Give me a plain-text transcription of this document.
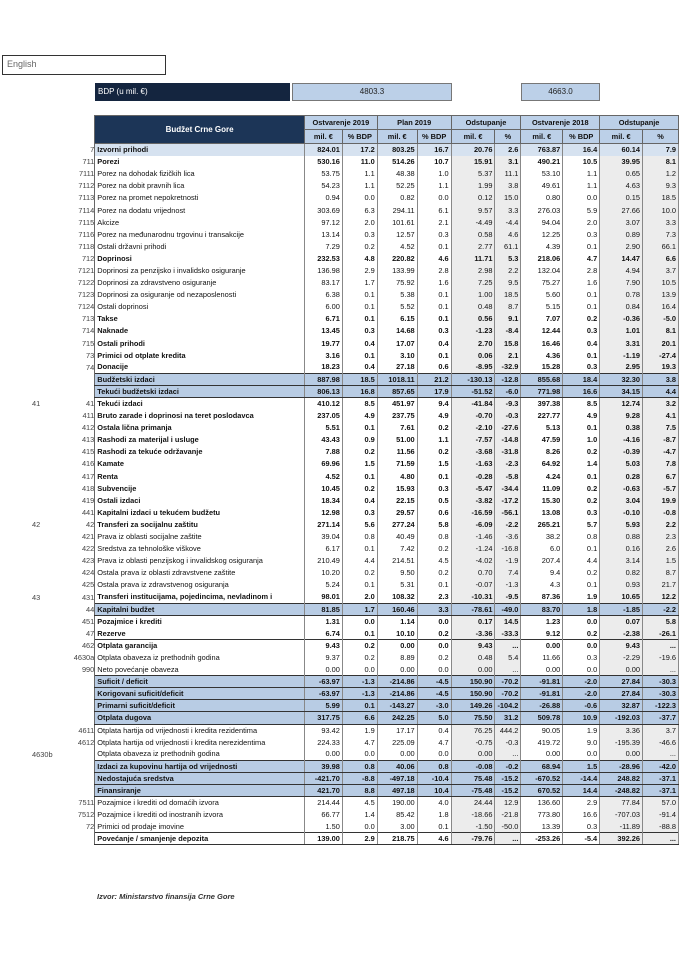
English
BDP (u mil. €)	4803.3	4663.0
		Budžet Crne Gore	Ostvarenje 2019		Plan 2019		Odstupanje		Ostvarenje 2018		Odstupanje	
			mil. €	% BDP	mil. €	% BDP	mil. €	%	mil. €	% BDP	mil. €	%
	7	Izvorni prihodi	824.01	17.2	803.25	16.7	20.76	2.6	763.87	16.4	60.14	7.9
	711	Porezi	530.16	11.0	514.26	10.7	15.91	3.1	490.21	10.5	39.95	8.1
	7111	Porez na dohodak fizičkih lica	53.75	1.1	48.38	1.0	5.37	11.1	53.10	1.1	0.65	1.2
	7112	Porez na dobit pravnih lica	54.23	1.1	52.25	1.1	1.99	3.8	49.61	1.1	4.63	9.3
	7113	Porez na promet nepokretnosti	0.94	0.0	0.82	0.0	0.12	15.0	0.80	0.0	0.15	18.5
	7114	Porez na dodatu vrijednost	303.69	6.3	294.11	6.1	9.57	3.3	276.03	5.9	27.66	10.0
	7115	Akcize	97.12	2.0	101.61	2.1	-4.49	-4.4	94.04	2.0	3.07	3.3
	7116	Porez na međunarodnu trgovinu i transakcije	13.14	0.3	12.57	0.3	0.58	4.6	12.25	0.3	0.89	7.3
	7118	Ostali državni prihodi	7.29	0.2	4.52	0.1	2.77	61.1	4.39	0.1	2.90	66.1
	712	Doprinosi	232.53	4.8	220.82	4.6	11.71	5.3	218.06	4.7	14.47	6.6
	7121	Doprinosi za penzijsko i invalidsko osiguranje	136.98	2.9	133.99	2.8	2.98	2.2	132.04	2.8	4.94	3.7
	7122	Doprinosi za zdravstveno osiguranje	83.17	1.7	75.92	1.6	7.25	9.5	75.27	1.6	7.90	10.5
	7123	Doprinosi za osiguranje od nezaposlenosti	6.38	0.1	5.38	0.1	1.00	18.5	5.60	0.1	0.78	13.9
	7124	Ostali doprinosi	6.00	0.1	5.52	0.1	0.48	8.7	5.15	0.1	0.84	16.4
	713	Takse	6.71	0.1	6.15	0.1	0.56	9.1	7.07	0.2	-0.36	-5.0
	714	Naknade	13.45	0.3	14.68	0.3	-1.23	-8.4	12.44	0.3	1.01	8.1
	715	Ostali prihodi	19.77	0.4	17.07	0.4	2.70	15.8	16.46	0.4	3.31	20.1
	73	Primici od otplate kredita	3.16	0.1	3.10	0.1	0.06	2.1	4.36	0.1	-1.19	-27.4
	74	Donacije	18.23	0.4	27.18	0.6	-8.95	-32.9	15.28	0.3	2.95	19.3
		Budžetski izdaci	887.98	18.5	1018.11	21.2	-130.13	-12.8	855.68	18.4	32.30	3.8
		Tekući budžetski izdaci	806.13	16.8	857.65	17.9	-51.52	-6.0	771.98	16.6	34.15	4.4
41	41	Tekući izdaci	410.12	8.5	451.97	9.4	-41.84	-9.3	397.38	8.5	12.74	3.2
	411	Bruto zarade i doprinosi na teret poslodavca	237.05	4.9	237.75	4.9	-0.70	-0.3	227.77	4.9	9.28	4.1
	412	Ostala lična primanja	5.51	0.1	7.61	0.2	-2.10	-27.6	5.13	0.1	0.38	7.5
	413	Rashodi za materijal i usluge	43.43	0.9	51.00	1.1	-7.57	-14.8	47.59	1.0	-4.16	-8.7
	415	Rashodi za tekuće održavanje	7.88	0.2	11.56	0.2	-3.68	-31.8	8.26	0.2	-0.39	-4.7
	416	Kamate	69.96	1.5	71.59	1.5	-1.63	-2.3	64.92	1.4	5.03	7.8
	417	Renta	4.52	0.1	4.80	0.1	-0.28	-5.8	4.24	0.1	0.28	6.7
	418	Subvencije	10.45	0.2	15.93	0.3	-5.47	-34.4	11.09	0.2	-0.63	-5.7
	419	Ostali izdaci	18.34	0.4	22.15	0.5	-3.82	-17.2	15.30	0.2	3.04	19.9
	441	Kapitalni izdaci u tekućem budžetu	12.98	0.3	29.57	0.6	-16.59	-56.1	13.08	0.3	-0.10	-0.8
42	42	Transferi za socijalnu zaštitu	271.14	5.6	277.24	5.8	-6.09	-2.2	265.21	5.7	5.93	2.2
	421	Prava iz oblasti socijalne zaštite	39.04	0.8	40.49	0.8	-1.46	-3.6	38.2	0.8	0.88	2.3
	422	Sredstva za tehnološke viškove	6.17	0.1	7.42	0.2	-1.24	-16.8	6.0	0.1	0.16	2.6
	423	Prava iz oblasti penzijskog i invalidskog osiguranja	210.49	4.4	214.51	4.5	-4.02	-1.9	207.4	4.4	3.14	1.5
	424	Ostala prava iz oblasti zdravstvene zaštite	10.20	0.2	9.50	0.2	0.70	7.4	9.4	0.2	0.82	8.7
	425	Ostala prava iz zdravstvenog osiguranja	5.24	0.1	5.31	0.1	-0.07	-1.3	4.3	0.1	0.93	21.7
43	431	Transferi institucijama, pojedincima, nevladinom i	98.01	2.0	108.32	2.3	-10.31	-9.5	87.36	1.9	10.65	12.2
	44	Kapitalni budžet	81.85	1.7	160.46	3.3	-78.61	-49.0	83.70	1.8	-1.85	-2.2
	451	Pozajmice i krediti	1.31	0.0	1.14	0.0	0.17	14.5	1.23	0.0	0.07	5.8
	47	Rezerve	6.74	0.1	10.10	0.2	-3.36	-33.3	9.12	0.2	-2.38	-26.1
	462	Otplata garancija	9.43	0.2	0.00	0.0	9.43	...	0.00	0.0	9.43	...
	4630a	Otplata obaveza iz prethodnih godina	9.37	0.2	8.89	0.2	0.48	5.4	11.66	0.3	-2.29	-19.6
	990	Neto povećanje obaveza	0.00	0.0	0.00	0.0	0.00	...	0.00	0.0	0.00	...
		Suficit / deficit	-63.97	-1.3	-214.86	-4.5	150.90	-70.2	-91.81	-2.0	27.84	-30.3
		Korigovani suficit/deficit	-63.97	-1.3	-214.86	-4.5	150.90	-70.2	-91.81	-2.0	27.84	-30.3
		Primarni suficit/deficit	5.99	0.1	-143.27	-3.0	149.26	-104.2	-26.88	-0.6	32.87	-122.3
		Otplata dugova	317.75	6.6	242.25	5.0	75.50	31.2	509.78	10.9	-192.03	-37.7
	4611	Otplata hartija od vrijednosti i kredita rezidentima	93.42	1.9	17.17	0.4	76.25	444.2	90.05	1.9	3.36	3.7
	4612	Otplata hartija od vrijednosti i kredita nerezidentima	224.33	4.7	225.09	4.7	-0.75	-0.3	419.72	9.0	-195.39	-46.6
4630b		Otplata obaveza iz prethodnih godina	0.00	0.0	0.00	0.0	0.00	...	0.00	0.0	0.00	...
		Izdaci za kupovinu hartija od vrijednosti	39.98	0.8	40.06	0.8	-0.08	-0.2	68.94	1.5	-28.96	-42.0
		Nedostajuća sredstva	-421.70	-8.8	-497.18	-10.4	75.48	-15.2	-670.52	-14.4	248.82	-37.1
		Finansiranje	421.70	8.8	497.18	10.4	-75.48	-15.2	670.52	14.4	-248.82	-37.1
	7511	Pozajmice i krediti od domaćih izvora	214.44	4.5	190.00	4.0	24.44	12.9	136.60	2.9	77.84	57.0
	7512	Pozajmice i krediti od inostranih izvora	66.77	1.4	85.42	1.8	-18.66	-21.8	773.80	16.6	-707.03	-91.4
	72	Primici od prodaje imovine	1.50	0.0	3.00	0.1	-1.50	-50.0	13.39	0.3	-11.89	-88.8
		Povećanje / smanjenje depozita	139.00	2.9	218.75	4.6	-79.76	...	-253.26	-5.4	392.26	...
Izvor: Ministarstvo finansija Crne Gore
